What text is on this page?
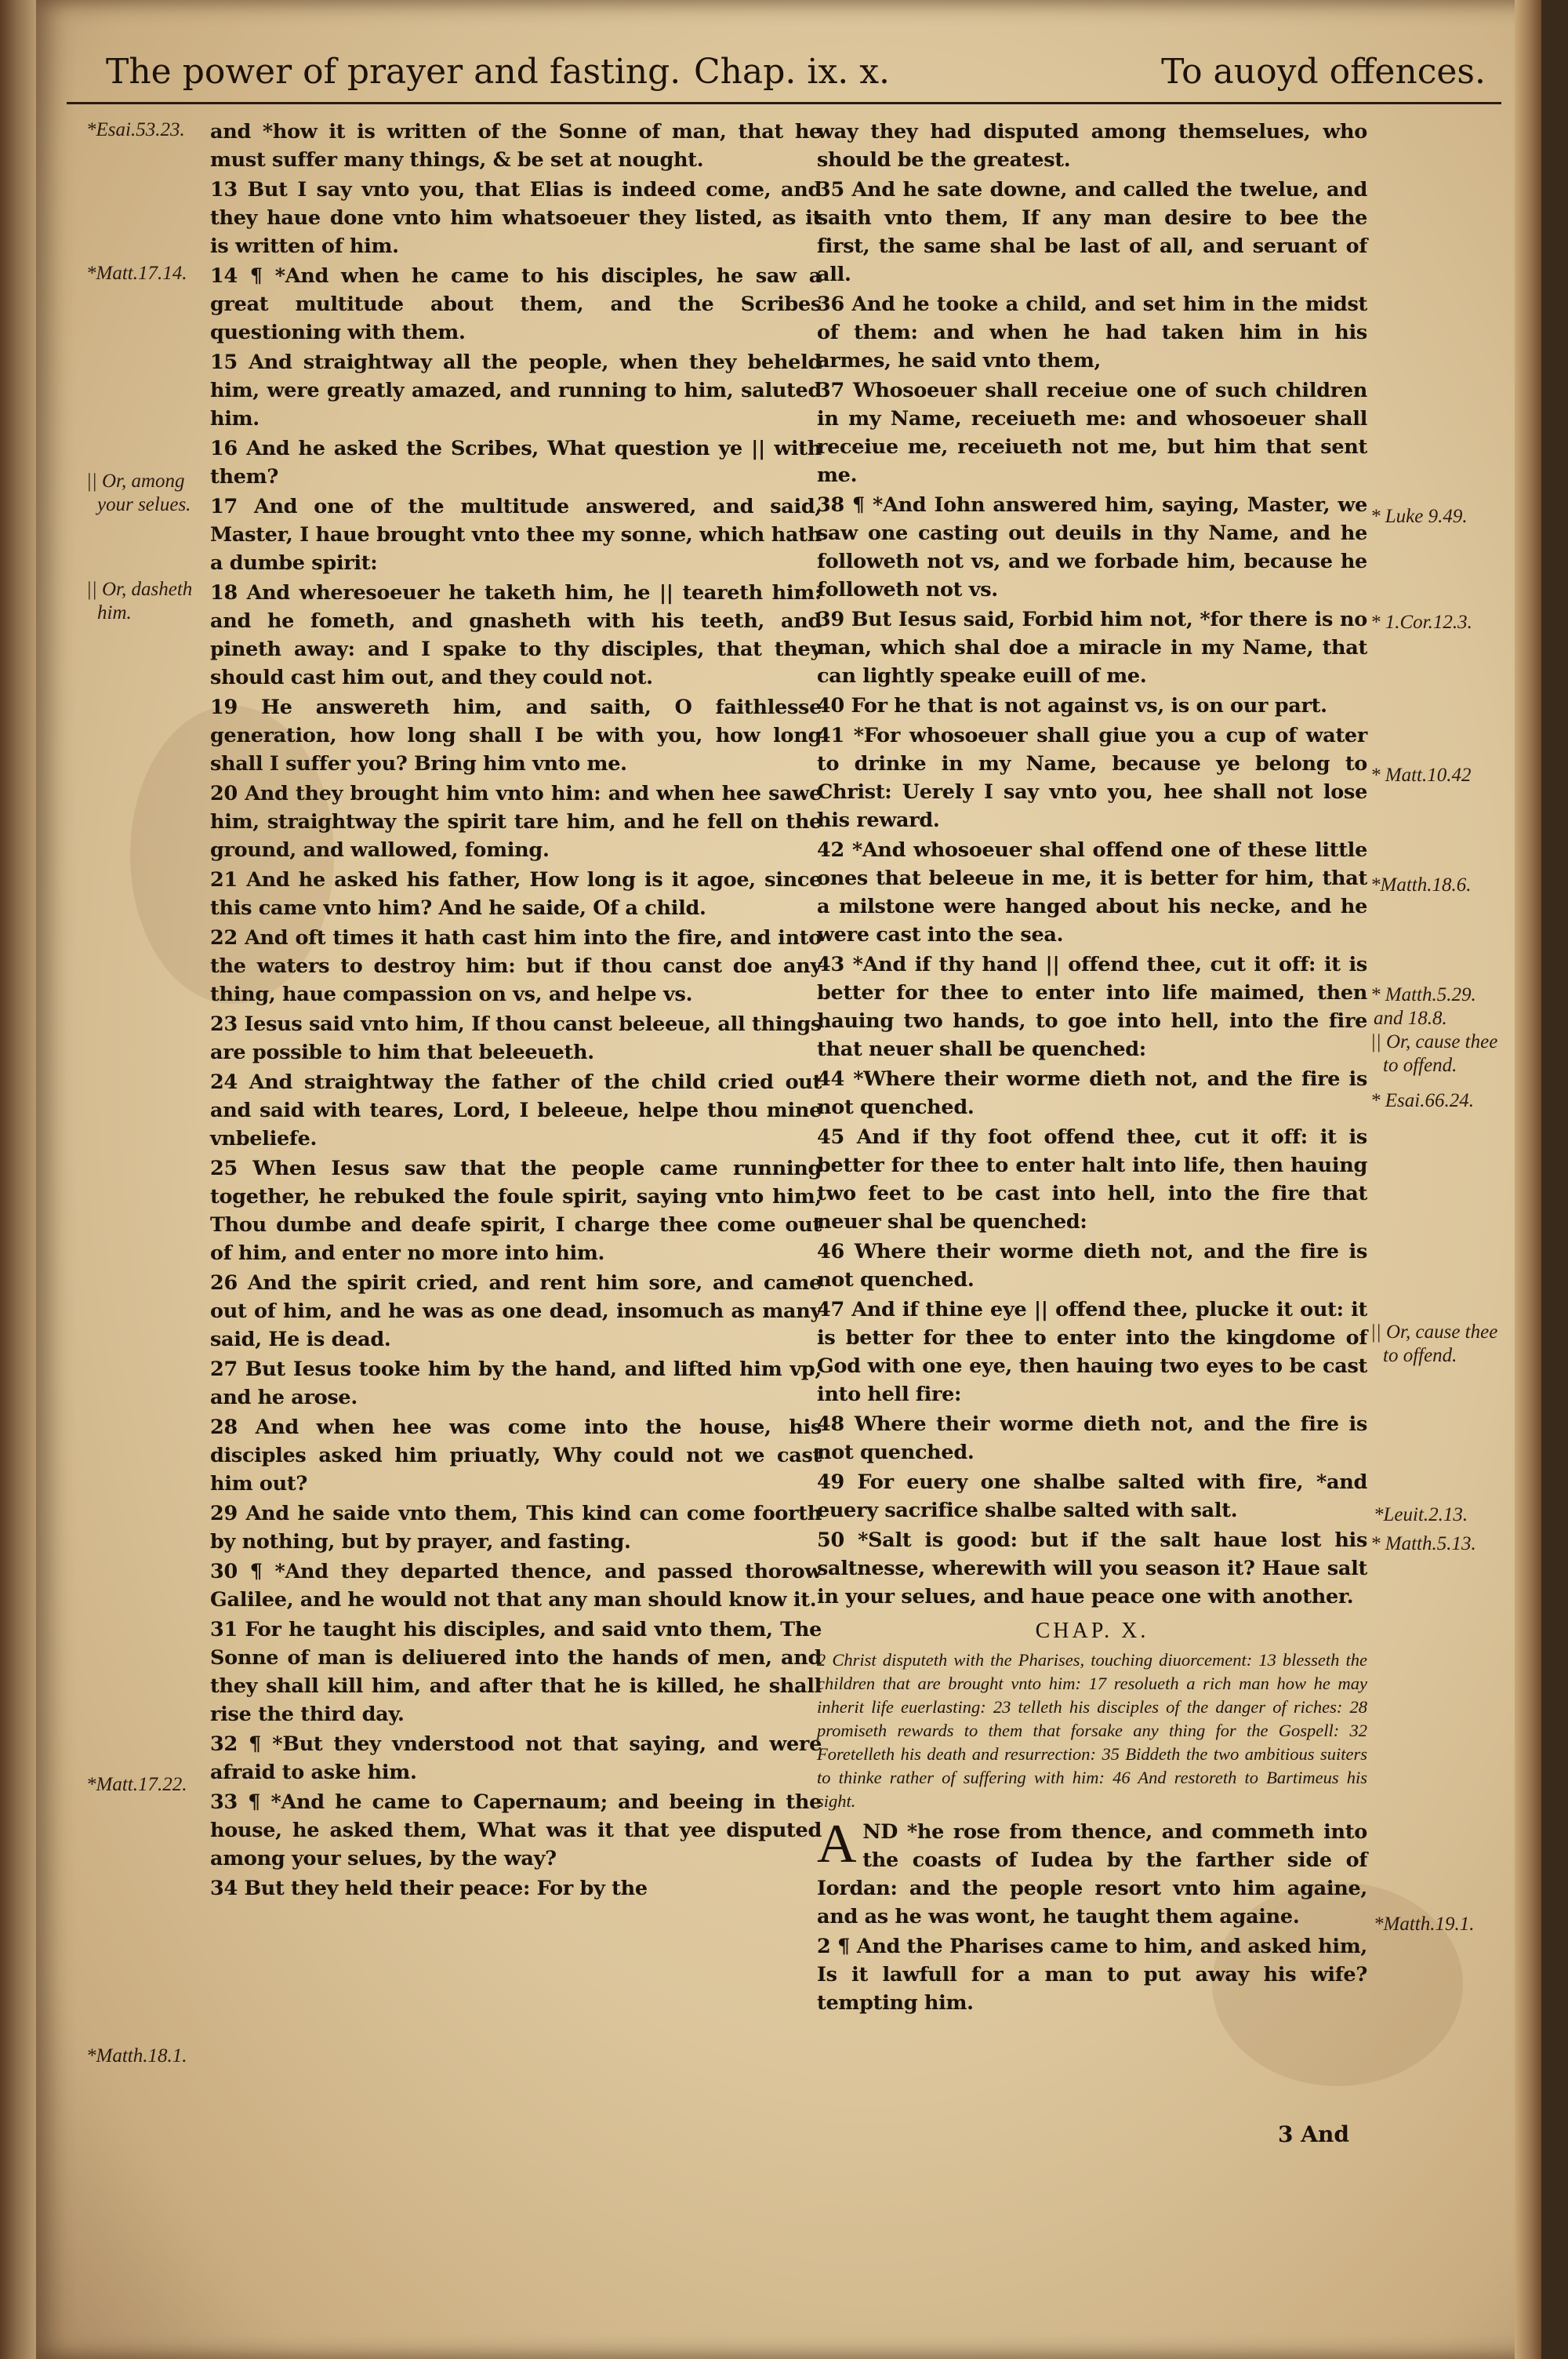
The power of prayer and fasting. Chap. ix. x.	To auoyd offences.
*Esai.53.23.
*Matt.17.14.
|| Or, among
your selues.
|| Or, dasheth
him.
*Matt.17.22.
*Matth.18.1.
* Luke 9.49.
* 1.Cor.12.3.
* Matt.10.42
*Matth.18.6.
* Matth.5.29.
and 18.8.
|| Or, cause thee
to offend.
* Esai.66.24.
|| Or, cause thee
to offend.
*Leuit.2.13.
* Matth.5.13.
*Matth.19.1.

and *how it is written of the Sonne of man, that he must suffer many things, & be set at nought.

13 But I say vnto you, that Elias is indeed come, and they haue done vnto him whatsoeuer they listed, as it is written of him.

14 ¶ *And when he came to his disciples, he saw a great multitude about them, and the Scribes questioning with them.

15 And straightway all the people, when they beheld him, were greatly amazed, and running to him, saluted him.

16 And he asked the Scribes, What question ye || with them?

17 And one of the multitude answered, and said, Master, I haue brought vnto thee my sonne, which hath a dumbe spirit:

18 And wheresoeuer he taketh him, he || teareth him: and he fometh, and gnasheth with his teeth, and pineth away: and I spake to thy disciples, that they should cast him out, and they could not.

19 He answereth him, and saith, O faithlesse generation, how long shall I be with you, how long shall I suffer you? Bring him vnto me.

20 And they brought him vnto him: and when hee sawe him, straightway the spirit tare him, and he fell on the ground, and wallowed, foming.

21 And he asked his father, How long is it agoe, since this came vnto him? And he saide, Of a child.

22 And oft times it hath cast him into the fire, and into the waters to destroy him: but if thou canst doe any thing, haue compassion on vs, and helpe vs.

23 Iesus said vnto him, If thou canst beleeue, all things are possible to him that beleeueth.

24 And straightway the father of the child cried out and said with teares, Lord, I beleeue, helpe thou mine vnbeliefe.

25 When Iesus saw that the people came running together, he rebuked the foule spirit, saying vnto him, Thou dumbe and deafe spirit, I charge thee come out of him, and enter no more into him.

26 And the spirit cried, and rent him sore, and came out of him, and he was as one dead, insomuch as many said, He is dead.

27 But Iesus tooke him by the hand, and lifted him vp, and he arose.

28 And when hee was come into the house, his disciples asked him priuatly, Why could not we cast him out?

29 And he saide vnto them, This kind can come foorth by nothing, but by prayer, and fasting.

30 ¶ *And they departed thence, and passed thorow Galilee, and he would not that any man should know it.

31 For he taught his disciples, and said vnto them, The Sonne of man is deliuered into the hands of men, and they shall kill him, and after that he is killed, he shall rise the third day.

32 ¶ *But they vnderstood not that saying, and were afraid to aske him.

33 ¶ *And he came to Capernaum; and beeing in the house, he asked them, What was it that yee disputed among your selues, by the way?

34 But they held their peace: For by the

way they had disputed among themselues, who should be the greatest.

35 And he sate downe, and called the twelue, and saith vnto them, If any man desire to bee the first, the same shal be last of all, and seruant of all.

36 And he tooke a child, and set him in the midst of them: and when he had taken him in his armes, he said vnto them,

37 Whosoeuer shall receiue one of such children in my Name, receiueth me: and whosoeuer shall receiue me, receiueth not me, but him that sent me.

38 ¶ *And Iohn answered him, saying, Master, we saw one casting out deuils in thy Name, and he followeth not vs, and we forbade him, because he followeth not vs.

39 But Iesus said, Forbid him not, *for there is no man, which shal doe a miracle in my Name, that can lightly speake euill of me.

40 For he that is not against vs, is on our part.

41 *For whosoeuer shall giue you a cup of water to drinke in my Name, because ye belong to Christ: Uerely I say vnto you, hee shall not lose his reward.

42 *And whosoeuer shal offend one of these little ones that beleeue in me, it is better for him, that a milstone were hanged about his necke, and he were cast into the sea.

43 *And if thy hand || offend thee, cut it off: it is better for thee to enter into life maimed, then hauing two hands, to goe into hell, into the fire that neuer shall be quenched:

44 *Where their worme dieth not, and the fire is not quenched.

45 And if thy foot offend thee, cut it off: it is better for thee to enter halt into life, then hauing two feet to be cast into hell, into the fire that neuer shal be quenched:

46 Where their worme dieth not, and the fire is not quenched.

47 And if thine eye || offend thee, plucke it out: it is better for thee to enter into the kingdome of God with one eye, then hauing two eyes to be cast into hell fire:

48 Where their worme dieth not, and the fire is not quenched.

49 For euery one shalbe salted with fire, *and euery sacrifice shalbe salted with salt.

50 *Salt is good: but if the salt haue lost his saltnesse, wherewith will you season it? Haue salt in your selues, and haue peace one with another.

CHAP. X.

2 Christ disputeth with the Pharises, touching diuorcement: 13 blesseth the children that are brought vnto him: 17 resolueth a rich man how he may inherit life euerlasting: 23 telleth his disciples of the danger of riches: 28 promiseth rewards to them that forsake any thing for the Gospell: 32 Foretelleth his death and resurrection: 35 Biddeth the two ambitious suiters to thinke rather of suffering with him: 46 And restoreth to Bartimeus his sight.

AND *he rose from thence, and commeth into the coasts of Iudea by the farther side of Iordan: and the people resort vnto him againe, and as he was wont, he taught them againe.

2 ¶ And the Pharises came to him, and asked him, Is it lawfull for a man to put away his wife? tempting him.

3 And
